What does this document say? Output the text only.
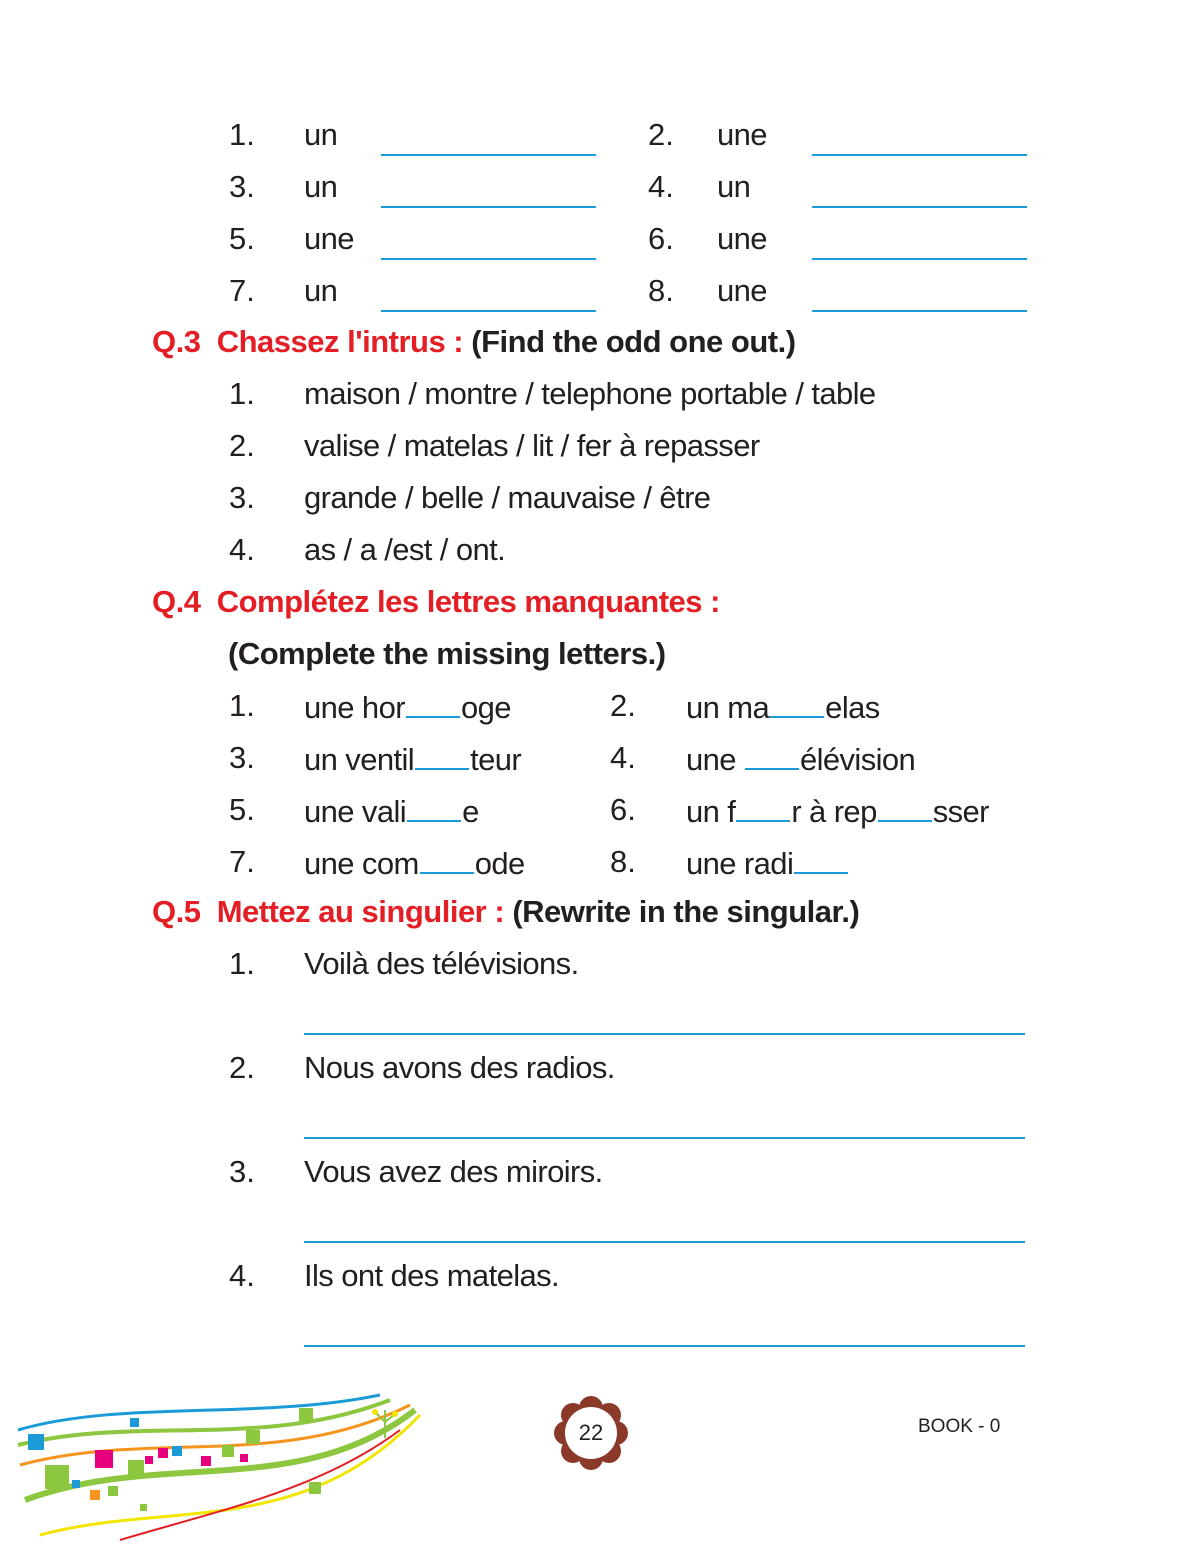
1. un	2. une
3. un	4. un
5. une	6. une
7. un	8. une
Q.3 Chassez l'intrus : (Find the odd one out.)
1. maison / montre / telephone portable / table
2. valise / matelas / lit / fer à repasser
3. grande / belle / mauvaise / être
4. as / a /est / ont.
Q.4 Complétez les lettres manquantes :
(Complete the missing letters.)
1. une hor oge	2. un ma elas
3. un ventil teur	4. une élévision
5. une vali e	6. un f r à rep sser
7. une com ode	8. une radi
Q.5 Mettez au singulier : (Rewrite in the singular.)
1. Voilà des télévisions.
2. Nous avons des radios.
3. Vous avez des miroirs.
4. Ils ont des matelas.
22	BOOK - 0
